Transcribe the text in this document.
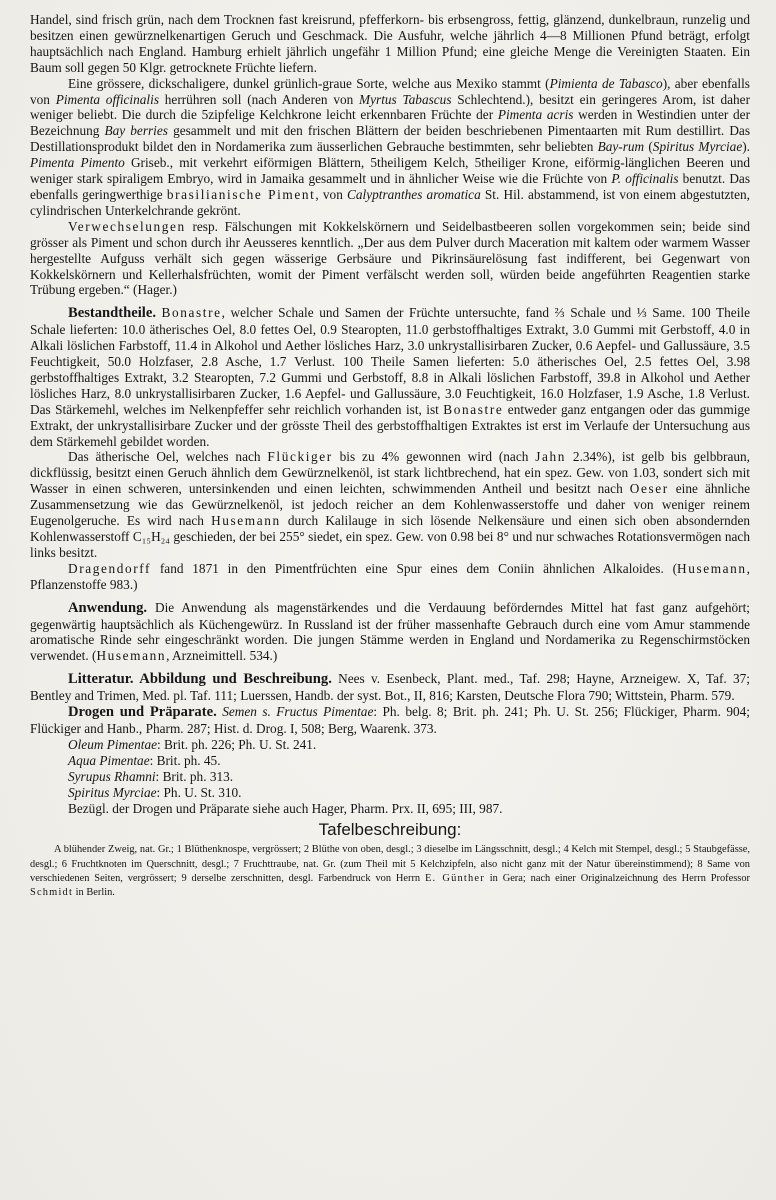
Handel, sind frisch grün, nach dem Trocknen fast kreisrund, pfefferkorn- bis erbsengross, fettig, glänzend, dunkelbraun, runzelig und besitzen einen gewürznelkenartigen Geruch und Geschmack. Die Ausfuhr, welche jährlich 4—8 Millionen Pfund beträgt, erfolgt hauptsächlich nach England. Hamburg erhielt jährlich ungefähr 1 Million Pfund; eine gleiche Menge die Vereinigten Staaten. Ein Baum soll gegen 50 Klgr. getrocknete Früchte liefern.

Eine grössere, dickschaligere, dunkel grünlich-graue Sorte, welche aus Mexiko stammt (Pimienta de Tabasco), aber ebenfalls von Pimenta officinalis herrühren soll (nach Anderen von Myrtus Tabascus Schlechtend.), besitzt ein geringeres Arom, ist daher weniger beliebt. Die durch die 5zipfelige Kelchkrone leicht erkennbaren Früchte der Pimenta acris werden in Westindien unter der Bezeichnung Bay berries gesammelt und mit den frischen Blättern der beiden beschriebenen Pimentaarten mit Rum destillirt. Das Destillationsprodukt bildet den in Nordamerika zum äusserlichen Gebrauche bestimmten, sehr beliebten Bay-rum (Spiritus Myrciae). Pimenta Pimento Griseb., mit verkehrt eiförmigen Blättern, 5theiligem Kelch, 5theiliger Krone, eiförmig-länglichen Beeren und weniger stark spiraligem Embryo, wird in Jamaika gesammelt und in ähnlicher Weise wie die Früchte von P. officinalis benutzt. Das ebenfalls geringwerthige brasilianische Piment, von Calyptranthes aromatica St. Hil. abstammend, ist von einem abgestutzten, cylindrischen Unterkelchrande gekrönt.

Verwechselungen resp. Fälschungen mit Kokkelskörnern und Seidelbastbeeren sollen vorgekommen sein; beide sind grösser als Piment und schon durch ihr Aeusseres kenntlich. „Der aus dem Pulver durch Maceration mit kaltem oder warmem Wasser hergestellte Aufguss verhält sich gegen wässerige Gerbsäure und Pikrinsäurelösung fast indifferent, bei Gegenwart von Kokkelskörnern und Kellerhalsfrüchten, womit der Piment verfälscht werden soll, würden beide angeführten Reagentien starke Trübung ergeben.“ (Hager.)

Bestandtheile. Bonastre, welcher Schale und Samen der Früchte untersuchte, fand ⅔ Schale und ⅓ Same. 100 Theile Schale lieferten: 10.0 ätherisches Oel, 8.0 fettes Oel, 0.9 Stearopten, 11.0 gerbstoffhaltiges Extrakt, 3.0 Gummi mit Gerbstoff, 4.0 in Alkali löslichen Farbstoff, 11.4 in Alkohol und Aether lösliches Harz, 3.0 unkrystallisirbaren Zucker, 0.6 Aepfel- und Gallussäure, 3.5 Feuchtigkeit, 50.0 Holzfaser, 2.8 Asche, 1.7 Verlust. 100 Theile Samen lieferten: 5.0 ätherisches Oel, 2.5 fettes Oel, 3.98 gerbstoffhaltiges Extrakt, 3.2 Stearopten, 7.2 Gummi und Gerbstoff, 8.8 in Alkali löslichen Farbstoff, 39.8 in Alkohol und Aether lösliches Harz, 8.0 unkrystallisirbaren Zucker, 1.6 Aepfel- und Gallussäure, 3.0 Feuchtigkeit, 16.0 Holzfaser, 1.9 Asche, 1.8 Verlust. Das Stärkemehl, welches im Nelkenpfeffer sehr reichlich vorhanden ist, ist Bonastre entweder ganz entgangen oder das gummige Extrakt, der unkrystallisirbare Zucker und der grösste Theil des gerbstoffhaltigen Extraktes ist erst im Verlaufe der Untersuchung aus dem Stärkemehl gebildet worden.

Das ätherische Oel, welches nach Flückiger bis zu 4% gewonnen wird (nach Jahn 2.34%), ist gelb bis gelbbraun, dickflüssig, besitzt einen Geruch ähnlich dem Gewürznelkenöl, ist stark lichtbrechend, hat ein spez. Gew. von 1.03, sondert sich mit Wasser in einen schweren, untersinkenden und einen leichten, schwimmenden Antheil und besitzt nach Oeser eine ähnliche Zusammensetzung wie das Gewürznelkenöl, ist jedoch reicher an dem Kohlenwasserstoffe und daher von weniger reinem Eugenolgeruche. Es wird nach Husemann durch Kalilauge in sich lösende Nelkensäure und einen sich oben absondernden Kohlenwasserstoff C₁₅H₂₄ geschieden, der bei 255° siedet, ein spez. Gew. von 0.98 bei 8° und nur schwaches Rotationsvermögen nach links besitzt.

Dragendorff fand 1871 in den Pimentfrüchten eine Spur eines dem Coniin ähnlichen Alkaloides. (Husemann, Pflanzenstoffe 983.)

Anwendung. Die Anwendung als magenstärkendes und die Verdauung beförderndes Mittel hat fast ganz aufgehört; gegenwärtig hauptsächlich als Küchengewürz. In Russland ist der früher massenhafte Gebrauch durch eine vom Amur stammende aromatische Rinde sehr eingeschränkt worden. Die jungen Stämme werden in England und Nordamerika zu Regenschirmstöcken verwendet. (Husemann, Arzneimittell. 534.)

Litteratur. Abbildung und Beschreibung. Nees v. Esenbeck, Plant. med., Taf. 298; Hayne, Arzneigew. X, Taf. 37; Bentley and Trimen, Med. pl. Taf. 111; Luerssen, Handb. der syst. Bot., II, 816; Karsten, Deutsche Flora 790; Wittstein, Pharm. 579.

Drogen und Präparate. Semen s. Fructus Pimentae: Ph. belg. 8; Brit. ph. 241; Ph. U. St. 256; Flückiger, Pharm. 904; Flückiger and Hanb., Pharm. 287; Hist. d. Drog. I, 508; Berg, Waarenk. 373.

Oleum Pimentae: Brit. ph. 226; Ph. U. St. 241.

Aqua Pimentae: Brit. ph. 45.

Syrupus Rhamni: Brit. ph. 313.

Spiritus Myrciae: Ph. U. St. 310.

Bezügl. der Drogen und Präparate siehe auch Hager, Pharm. Prx. II, 695; III, 987.

Tafelbeschreibung:

A blühender Zweig, nat. Gr.; 1 Blüthenknospe, vergrössert; 2 Blüthe von oben, desgl.; 3 dieselbe im Längsschnitt, desgl.; 4 Kelch mit Stempel, desgl.; 5 Staubgefässe, desgl.; 6 Fruchtknoten im Querschnitt, desgl.; 7 Fruchttraube, nat. Gr. (zum Theil mit 5 Kelchzipfeln, also nicht ganz mit der Natur übereinstimmend); 8 Same von verschiedenen Seiten, vergrössert; 9 derselbe zerschnitten, desgl. Farbendruck von Herrn E. Günther in Gera; nach einer Originalzeichnung des Herrn Professor Schmidt in Berlin.
